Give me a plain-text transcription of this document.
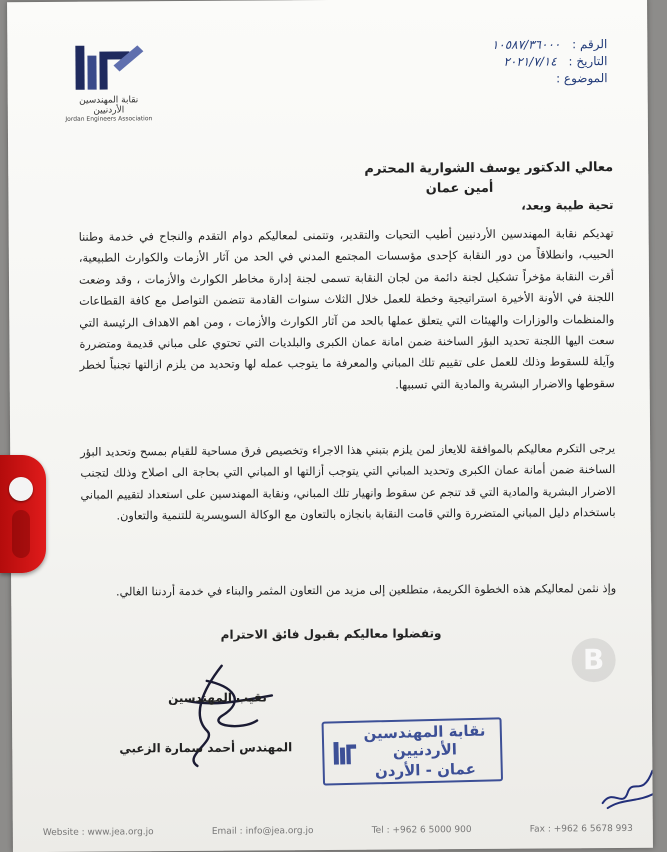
نقابة المهندسين الأردنيين
Jordan Engineers Association
الرقم : ١٠٥٨٧/٣٦٠٠٠
التاريخ : ٢٠٢١/٧/١٤
الموضوع :
معالي الدكتور يوسف الشوارية المحترم
أمين عمان
تحية طيبة وبعد،
تهديكم نقابة المهندسين الأردنيين أطيب التحيات والتقدير، وتتمنى لمعاليكم دوام التقدم والنجاح في خدمة وطننا الحبيب، وانطلاقاً من دور النقابة كإحدى مؤسسات المجتمع المدني في الحد من آثار الأزمات والكوارث الطبيعية، أقرت النقابة مؤخراً تشكيل لجنة دائمة من لجان النقابة تسمى لجنة إدارة مخاطر الكوارث والأزمات ، وقد وضعت اللجنة في الأونة الأخيرة استراتيجية وخطة للعمل خلال الثلاث سنوات القادمة تتضمن التواصل مع كافة القطاعات والمنظمات والوزارات والهيئات التي يتعلق عملها بالحد من آثار الكوارث والأزمات ، ومن اهم الاهداف الرئيسة التي سعت اليها اللجنة تحديد البؤر الساخنة ضمن امانة عمان الكبرى والبلديات التي تحتوي على مباني قديمة ومتضررة وآيلة للسقوط وذلك للعمل على تقييم تلك المباني والمعرفة ما يتوجب عمله لها وتحديد من يلزم ازالتها تجنباً لخطر سقوطها والاضرار البشرية والمادية التي تسببها.
يرجى التكرم معاليكم بالموافقة للايعاز لمن يلزم بتبني هذا الاجراء وتخصيص فرق مساحية للقيام بمسح وتحديد البؤر الساخنة ضمن أمانة عمان الكبرى وتحديد المباني التي يتوجب أزالتها او المباني التي بحاجة الى اصلاح وذلك لتجنب الاضرار البشرية والمادية التي قد تنجم عن سقوط وانهيار تلك المباني، ونقابة المهندسين على استعداد لتقييم المباني باستخدام دليل المباني المتضررة والتي قامت النقابة بانجازه بالتعاون مع الوكالة السويسرية للتنمية والتعاون.
وإذ نثمن لمعاليكم هذه الخطوة الكريمة، متطلعين إلى مزيد من التعاون المثمر والبناء في خدمة أردننا الغالي.
وتفضلوا معاليكم بقبول فائق الاحترام
نقيب المهندسين
المهندس أحمد سمارة الزعبي
نقابة المهندسين الأردنيين
عمان - الأردن
B
Website : www.jea.org.jo	Email : info@jea.org.jo	Tel : +962 6 5000 900	Fax : +962 6 5678 993
